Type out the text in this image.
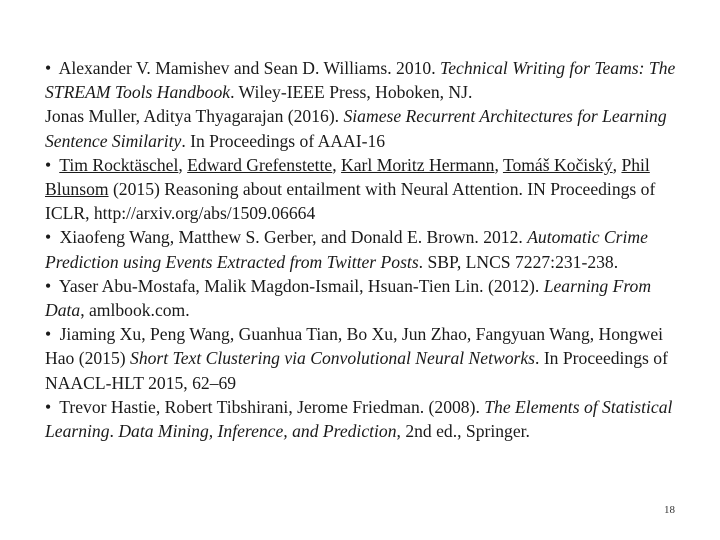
• Alexander V. Mamishev and Sean D. Williams. 2010. Technical Writing for Teams: The STREAM Tools Handbook. Wiley-IEEE Press, Hoboken, NJ.

Jonas Muller, Aditya Thyagarajan (2016). Siamese Recurrent Architectures for Learning Sentence Similarity. In Proceedings of AAAI-16

• Tim Rocktäschel, Edward Grefenstette, Karl Moritz Hermann, Tomáš Kočiský, Phil Blunsom (2015) Reasoning about entailment with Neural Attention. IN Proceedings of ICLR, http://arxiv.org/abs/1509.06664

• Xiaofeng Wang, Matthew S. Gerber, and Donald E. Brown. 2012. Automatic Crime Prediction using Events Extracted from Twitter Posts. SBP, LNCS 7227:231-238.

• Yaser Abu-Mostafa, Malik Magdon-Ismail, Hsuan-Tien Lin. (2012). Learning From Data, amlbook.com.

• Jiaming Xu, Peng Wang, Guanhua Tian, Bo Xu, Jun Zhao, Fangyuan Wang, Hongwei Hao (2015) Short Text Clustering via Convolutional Neural Networks. In Proceedings of NAACL-HLT 2015, 62–69

• Trevor Hastie, Robert Tibshirani, Jerome Friedman. (2008). The Elements of Statistical Learning. Data Mining, Inference, and Prediction, 2nd ed., Springer.

18
